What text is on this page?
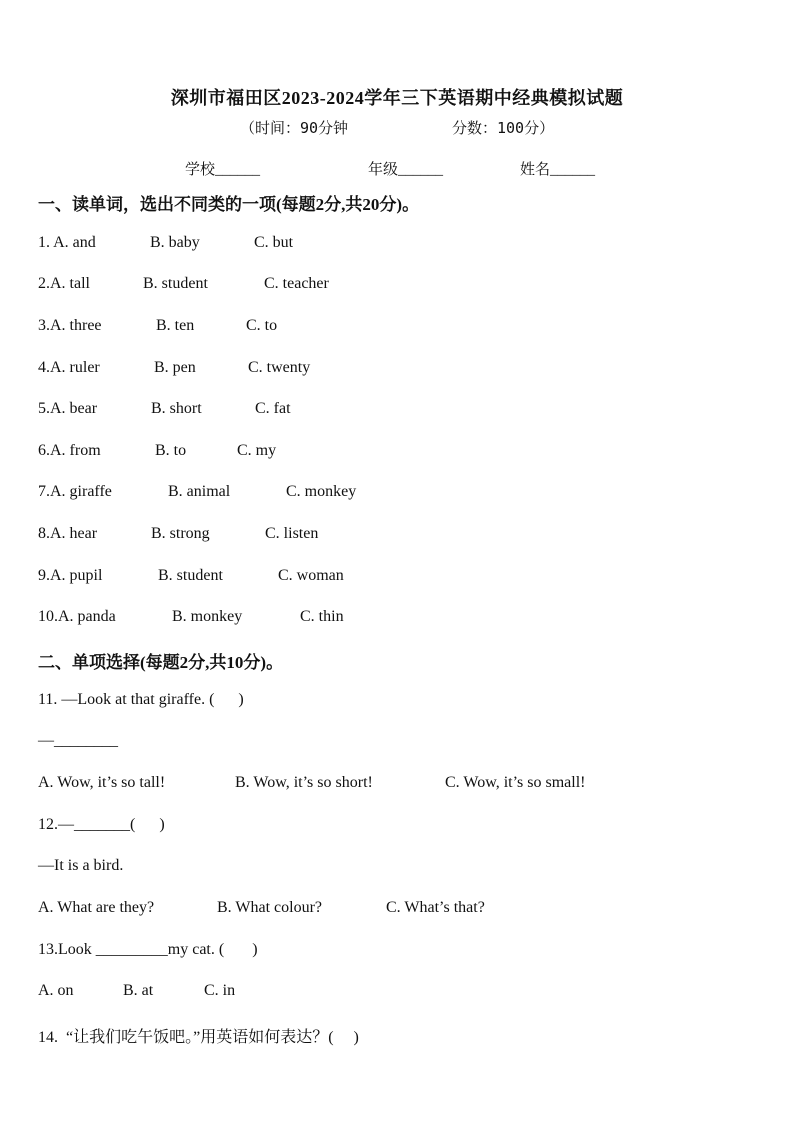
深圳市福田区2023-2024学年三下英语期中经典模拟试题
（时间：90分钟	分数：100分）
学校______	年级______	姓名______
一、读单词，选出不同类的一项(每题2分,共20分)。
1. A. and	B. baby	C. but
2.A. tall	B. student	C. teacher
3.A. three	B. ten	C. to
4.A. ruler	B. pen	C. twenty
5.A. bear	B. short	C. fat
6.A. from	B. to	C. my
7.A. giraffe	B. animal	C. monkey
8.A. hear	B. strong	C. listen
9.A. pupil	B. student	C. woman
10.A. panda	B. monkey	C. thin
二、单项选择(每题2分,共10分)。
11. —Look at that giraffe. (      )
—________
A. Wow, it’s so tall!	B. Wow, it’s so short!	C. Wow, it’s so small!
12.—_______(      )
—It is a bird.
A. What are they?	B. What colour?	C. What’s that?
13.Look _________my cat. (       )
A. on	B. at	C. in
14.  “让我们吃午饭吧。”用英语如何表达？(     )
